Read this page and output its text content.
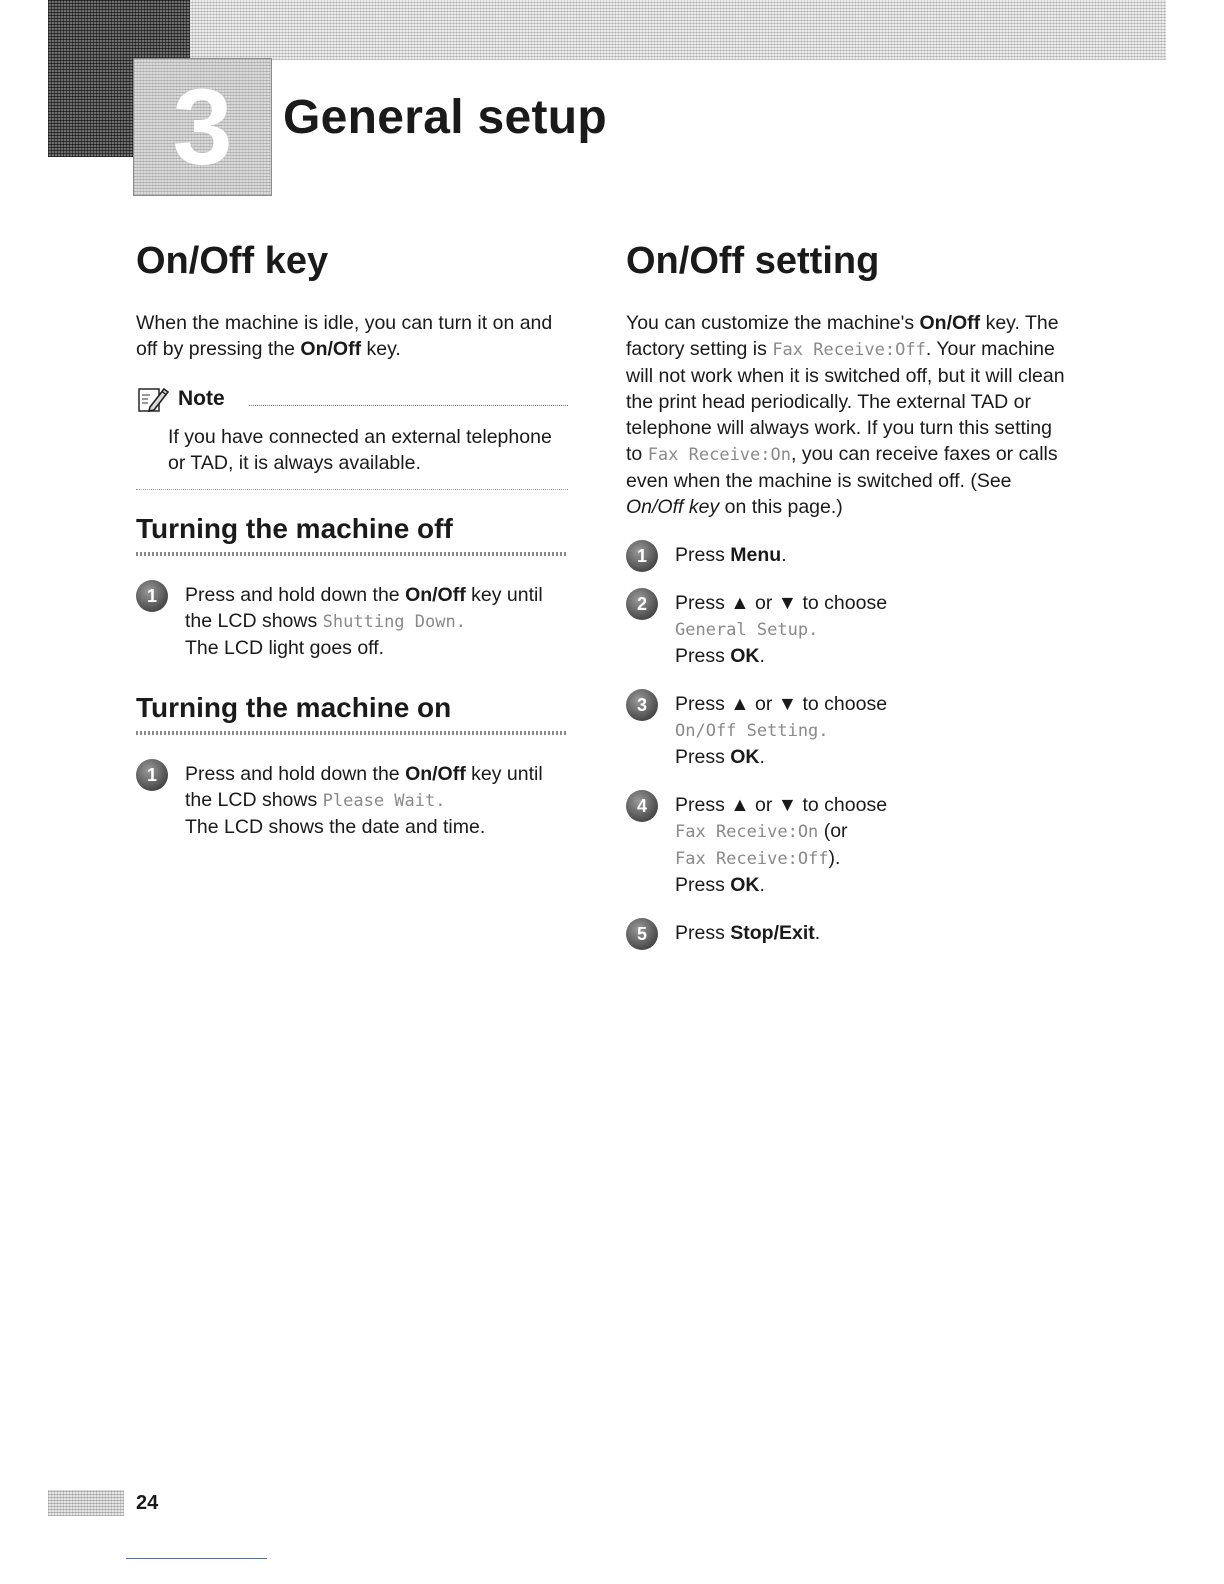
3 General setup
On/Off key

When the machine is idle, you can turn it on and off by pressing the On/Off key.

Note

If you have connected an external telephone or TAD, it is always available.

Turning the machine off
1	Press and hold down the On/Off key until the LCD shows Shutting Down.
The LCD light goes off.

Turning the machine on
1	Press and hold down the On/Off key until the LCD shows Please Wait.
The LCD shows the date and time.

On/Off setting

You can customize the machine's On/Off key. The factory setting is Fax Receive:Off. Your machine will not work when it is switched off, but it will clean the print head periodically. The external TAD or telephone will always work. If you turn this setting to Fax Receive:On, you can receive faxes or calls even when the machine is switched off. (See On/Off key on this page.)

1	Press Menu.

2	Press ▲ or ▼ to choose
General Setup.
Press OK.

3	Press ▲ or ▼ to choose
On/Off Setting.
Press OK.

4	Press ▲ or ▼ to choose
Fax Receive:On (or
Fax Receive:Off).
Press OK.

5	Press Stop/Exit.

24
